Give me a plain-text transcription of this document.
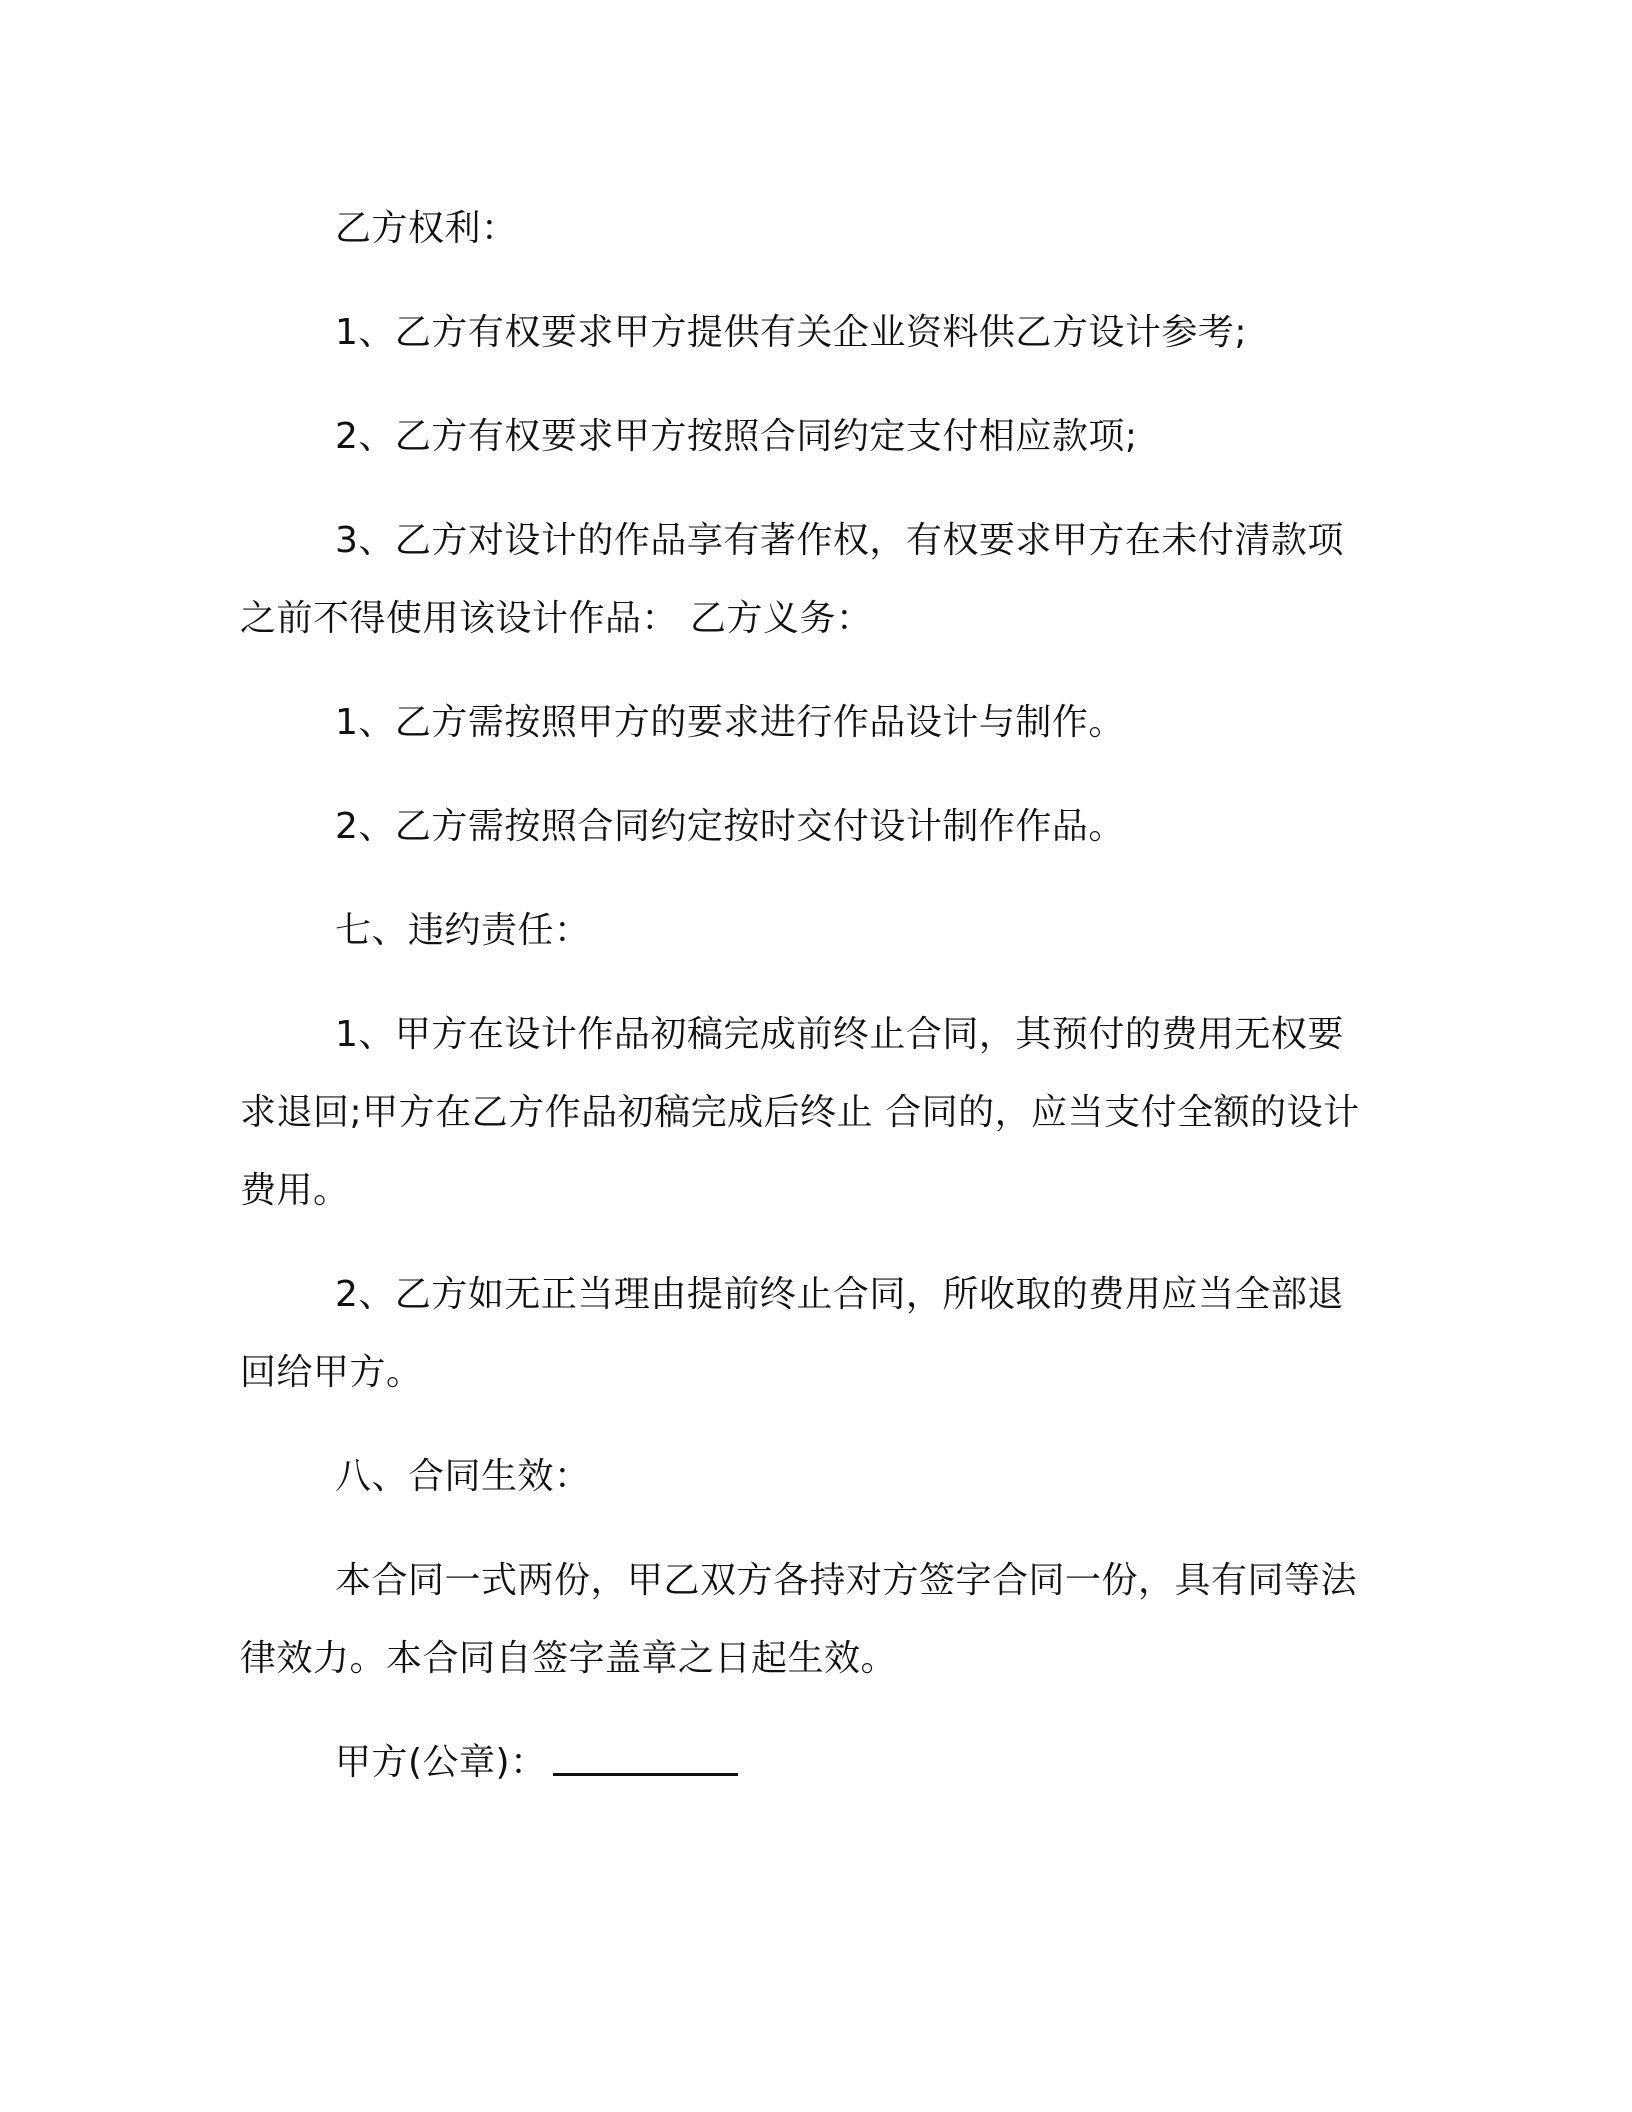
乙方权利：

1、乙方有权要求甲方提供有关企业资料供乙方设计参考;

2、乙方有权要求甲方按照合同约定支付相应款项;

3、乙方对设计的作品享有著作权，有权要求甲方在未付清款项之前不得使用该设计作品： 乙方义务：

1、乙方需按照甲方的要求进行作品设计与制作。

2、乙方需按照合同约定按时交付设计制作作品。

七、违约责任：

1、甲方在设计作品初稿完成前终止合同，其预付的费用无权要求退回;甲方在乙方作品初稿完成后终止 合同的，应当支付全额的设计费用。

2、乙方如无正当理由提前终止合同，所收取的费用应当全部退回给甲方。

八、合同生效：

本合同一式两份，甲乙双方各持对方签字合同一份，具有同等法律效力。本合同自签字盖章之日起生效。

甲方(公章)：
